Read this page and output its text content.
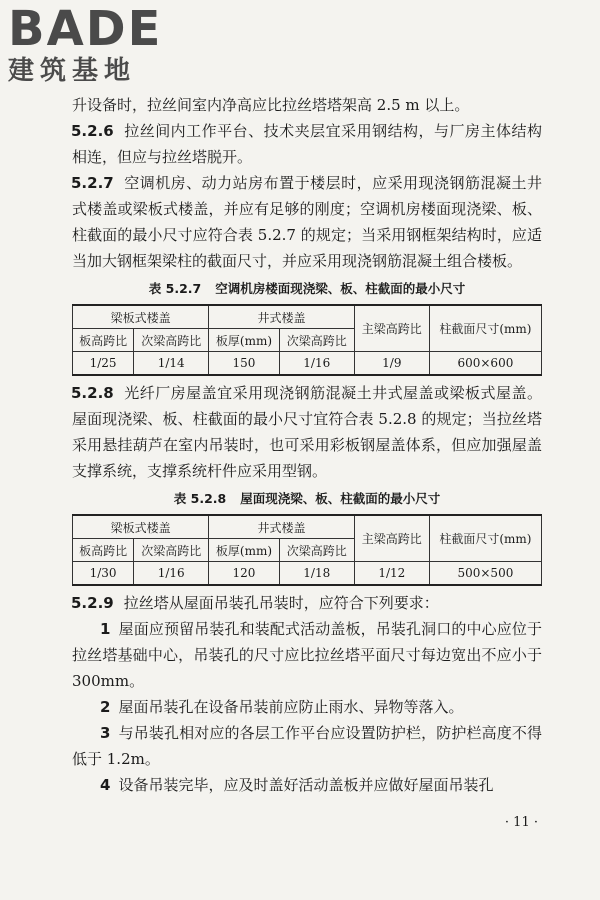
BADE
建筑基地

升设备时，拉丝间室内净高应比拉丝塔塔架高 2.5 m 以上。

5.2.6 拉丝间内工作平台、技术夹层宜采用钢结构，与厂房主体结构相连，但应与拉丝塔脱开。

5.2.7 空调机房、动力站房布置于楼层时，应采用现浇钢筋混凝土井式楼盖或梁板式楼盖，并应有足够的刚度；空调机房楼面现浇梁、板、柱截面的最小尺寸应符合表 5.2.7 的规定；当采用钢框架结构时，应适当加大钢框架梁柱的截面尺寸，并应采用现浇钢筋混凝土组合楼板。

表 5.2.7 空调机房楼面现浇梁、板、柱截面的最小尺寸

梁板式楼盖		井式楼盖		主梁高跨比	柱截面尺寸(mm)
板高跨比	次梁高跨比	板厚(mm)	次梁高跨比		
1/25	1/14	150	1/16	1/9	600×600

5.2.8 光纤厂房屋盖宜采用现浇钢筋混凝土井式屋盖或梁板式屋盖。屋面现浇梁、板、柱截面的最小尺寸宜符合表 5.2.8 的规定；当拉丝塔采用悬挂葫芦在室内吊装时，也可采用彩板钢屋盖体系，但应加强屋盖支撑系统，支撑系统杆件应采用型钢。

表 5.2.8 屋面现浇梁、板、柱截面的最小尺寸

梁板式楼盖		井式楼盖		主梁高跨比	柱截面尺寸(mm)
板高跨比	次梁高跨比	板厚(mm)	次梁高跨比		
1/30	1/16	120	1/18	1/12	500×500

5.2.9 拉丝塔从屋面吊装孔吊装时，应符合下列要求：

1 屋面应预留吊装孔和装配式活动盖板，吊装孔洞口的中心应位于拉丝塔基础中心，吊装孔的尺寸应比拉丝塔平面尺寸每边宽出不应小于 300mm。

2 屋面吊装孔在设备吊装前应防止雨水、异物等落入。

3 与吊装孔相对应的各层工作平台应设置防护栏，防护栏高度不得低于 1.2m。

4 设备吊装完毕，应及时盖好活动盖板并应做好屋面吊装孔

· 11 ·
